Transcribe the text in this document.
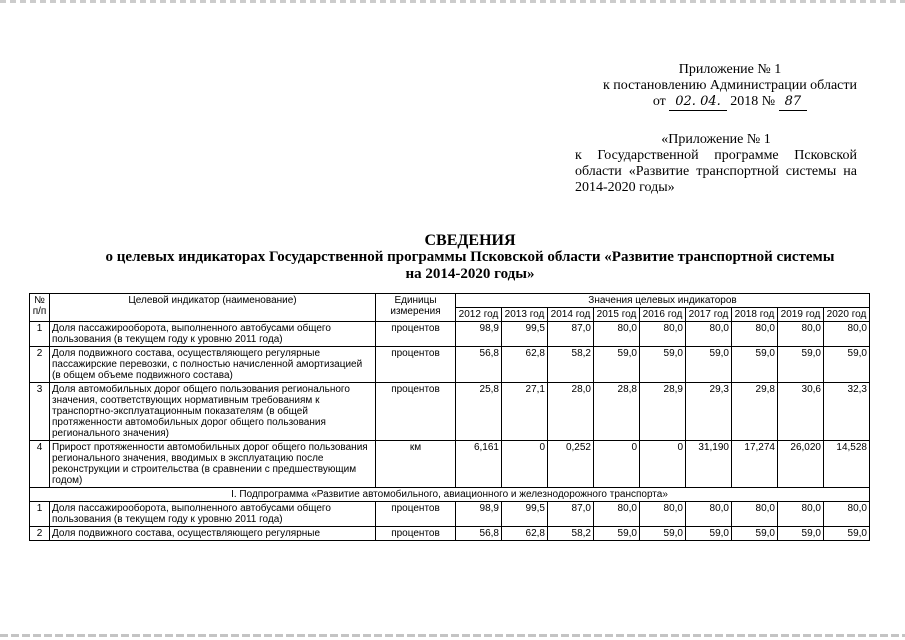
Приложение № 1
к постановлению Администрации области
от 02. 04. 2018 № 87
«Приложение № 1
к Государственной программе Псковской области «Развитие транспортной системы на 2014-2020 годы»
СВЕДЕНИЯ
о целевых индикаторах Государственной программы Псковской области «Развитие транспортной системы
на 2014-2020 годы»
№ п/п	Целевой индикатор (наименование)	Единицы измерения	Значения целевых индикаторов								
			2012 год	2013 год	2014 год	2015 год	2016 год	2017 год	2018 год	2019 год	2020 год
1	Доля пассажирооборота, выполненного автобусами общего пользования (в текущем году к уровню 2011 года)	процентов	98,9	99,5	87,0	80,0	80,0	80,0	80,0	80,0	80,0
2	Доля подвижного состава, осуществляющего регулярные пассажирские перевозки, с полностью начисленной амортизацией (в общем объеме подвижного состава)	процентов	56,8	62,8	58,2	59,0	59,0	59,0	59,0	59,0	59,0
3	Доля автомобильных дорог общего пользования регионального значения, соответствующих нормативным требованиям к транспортно-эксплуатационным показателям (в общей протяженности автомобильных дорог общего пользования регионального значения)	процентов	25,8	27,1	28,0	28,8	28,9	29,3	29,8	30,6	32,3
4	Прирост протяженности автомобильных дорог общего пользования регионального значения, вводимых в эксплуатацию после реконструкции и строительства (в сравнении с предшествующим годом)	км	6,161	0	0,252	0	0	31,190	17,274	26,020	14,528
I. Подпрограмма «Развитие автомобильного, авиационного и железнодорожного транспорта»											
1	Доля пассажирооборота, выполненного автобусами общего пользования (в текущем году к уровню 2011 года)	процентов	98,9	99,5	87,0	80,0	80,0	80,0	80,0	80,0	80,0
2	Доля подвижного состава, осуществляющего регулярные	процентов	56,8	62,8	58,2	59,0	59,0	59,0	59,0	59,0	59,0
